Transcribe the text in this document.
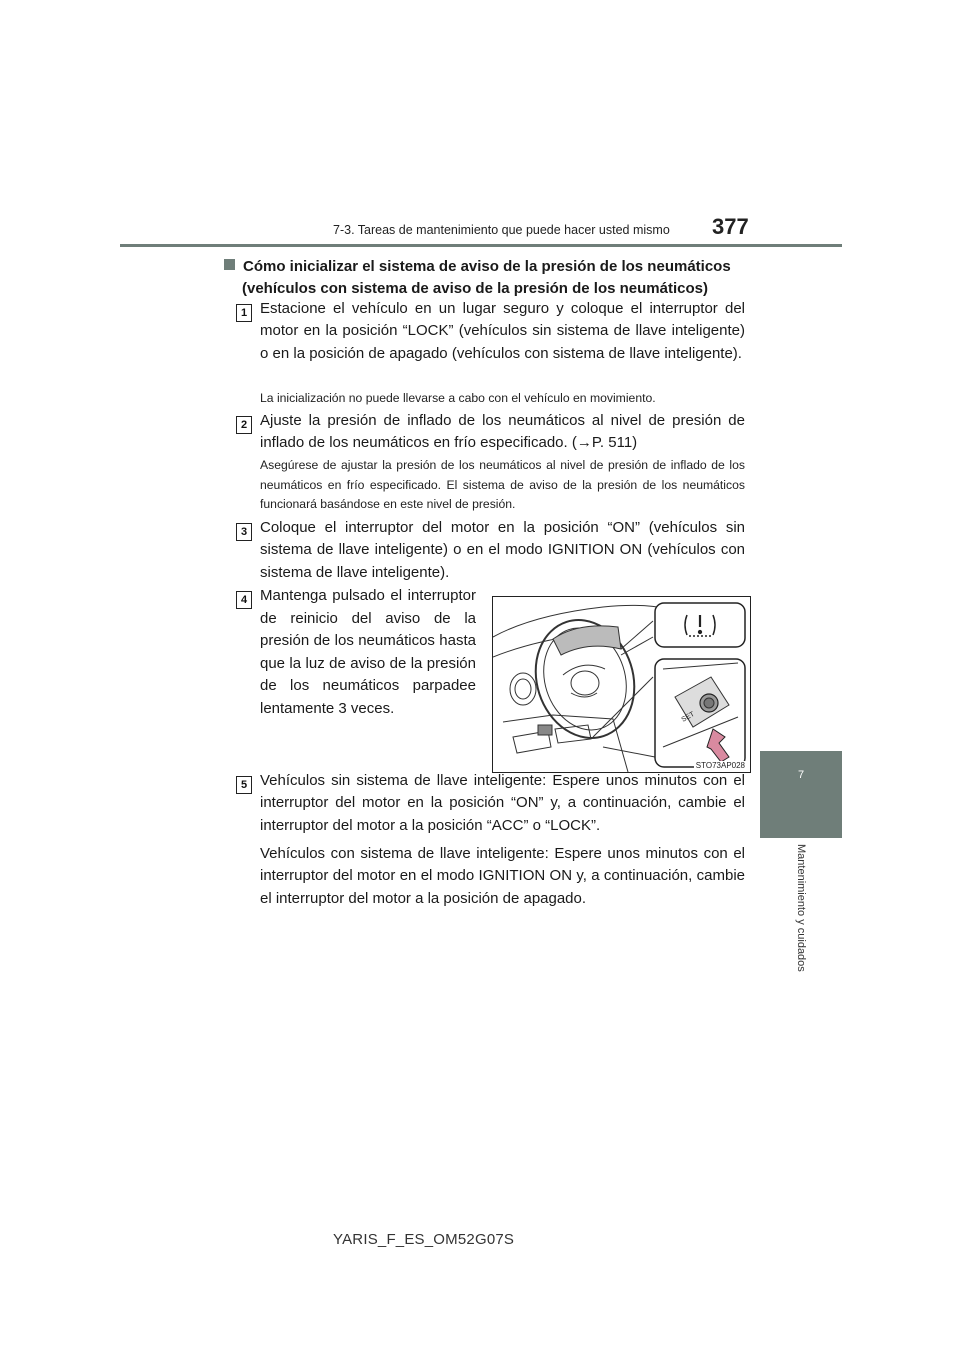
7-3. Tareas de mantenimiento que puede hacer usted mismo 377
7
Mantenimiento y cuidados
Cómo inicializar el sistema de aviso de la presión de los neumáticos
(vehículos con sistema de aviso de la presión de los neumáticos)
1 Estacione el vehículo en un lugar seguro y coloque el interruptor del motor en la posición “LOCK” (vehículos sin sistema de llave inteligente) o en la posición de apagado (vehículos con sistema de llave inteligente).
La inicialización no puede llevarse a cabo con el vehículo en movimiento.
2 Ajuste la presión de inflado de los neumáticos al nivel de presión de inflado de los neumáticos en frío especificado. (→P. 511)
Asegúrese de ajustar la presión de los neumáticos al nivel de presión de inflado de los neumáticos en frío especificado. El sistema de aviso de la presión de los neumáticos funcionará basándose en este nivel de presión.
3 Coloque el interruptor del motor en la posición “ON” (vehículos sin sistema de llave inteligente) o en el modo IGNITION ON (vehículos con sistema de llave inteligente).
4 Mantenga pulsado el interruptor de reinicio del aviso de la presión de los neumáticos hasta que la luz de aviso de la presión de los neumáticos parpadee lentamente 3 veces.
SET
STO73AP028
5 Vehículos sin sistema de llave inteligente: Espere unos minutos con el interruptor del motor en la posición “ON” y, a continuación, cambie el interruptor del motor a la posición “ACC” o “LOCK”.
Vehículos con sistema de llave inteligente: Espere unos minutos con el interruptor del motor en el modo IGNITION ON y, a continuación, cambie el interruptor del motor a la posición de apagado.
YARIS_F_ES_OM52G07S
